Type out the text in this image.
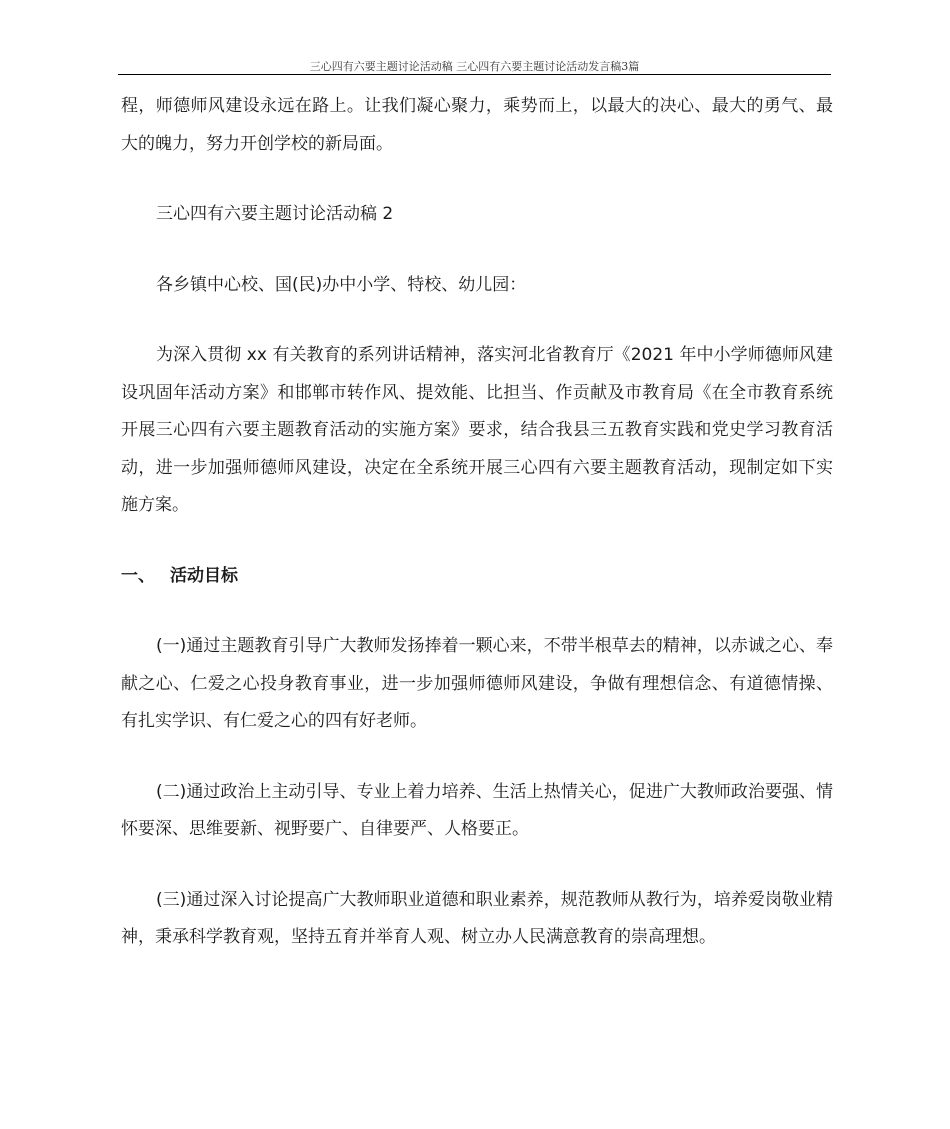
三心四有六要主题讨论活动稿 三心四有六要主题讨论活动发言稿3篇

程，师德师风建设永远在路上。让我们凝心聚力，乘势而上，以最大的决心、最大的勇气、最大的魄力，努力开创学校的新局面。

三心四有六要主题讨论活动稿 2

各乡镇中心校、国(民)办中小学、特校、幼儿园：

为深入贯彻 xx 有关教育的系列讲话精神，落实河北省教育厅《2021 年中小学师德师风建设巩固年活动方案》和邯郸市转作风、提效能、比担当、作贡献及市教育局《在全市教育系统开展三心四有六要主题教育活动的实施方案》要求，结合我县三五教育实践和党史学习教育活动，进一步加强师德师风建设，决定在全系统开展三心四有六要主题教育活动，现制定如下实施方案。

一、 活动目标

(一)通过主题教育引导广大教师发扬捧着一颗心来，不带半根草去的精神，以赤诚之心、奉献之心、仁爱之心投身教育事业，进一步加强师德师风建设，争做有理想信念、有道德情操、有扎实学识、有仁爱之心的四有好老师。

(二)通过政治上主动引导、专业上着力培养、生活上热情关心，促进广大教师政治要强、情怀要深、思维要新、视野要广、自律要严、人格要正。

(三)通过深入讨论提高广大教师职业道德和职业素养，规范教师从教行为，培养爱岗敬业精神，秉承科学教育观，坚持五育并举育人观、树立办人民满意教育的崇高理想。
